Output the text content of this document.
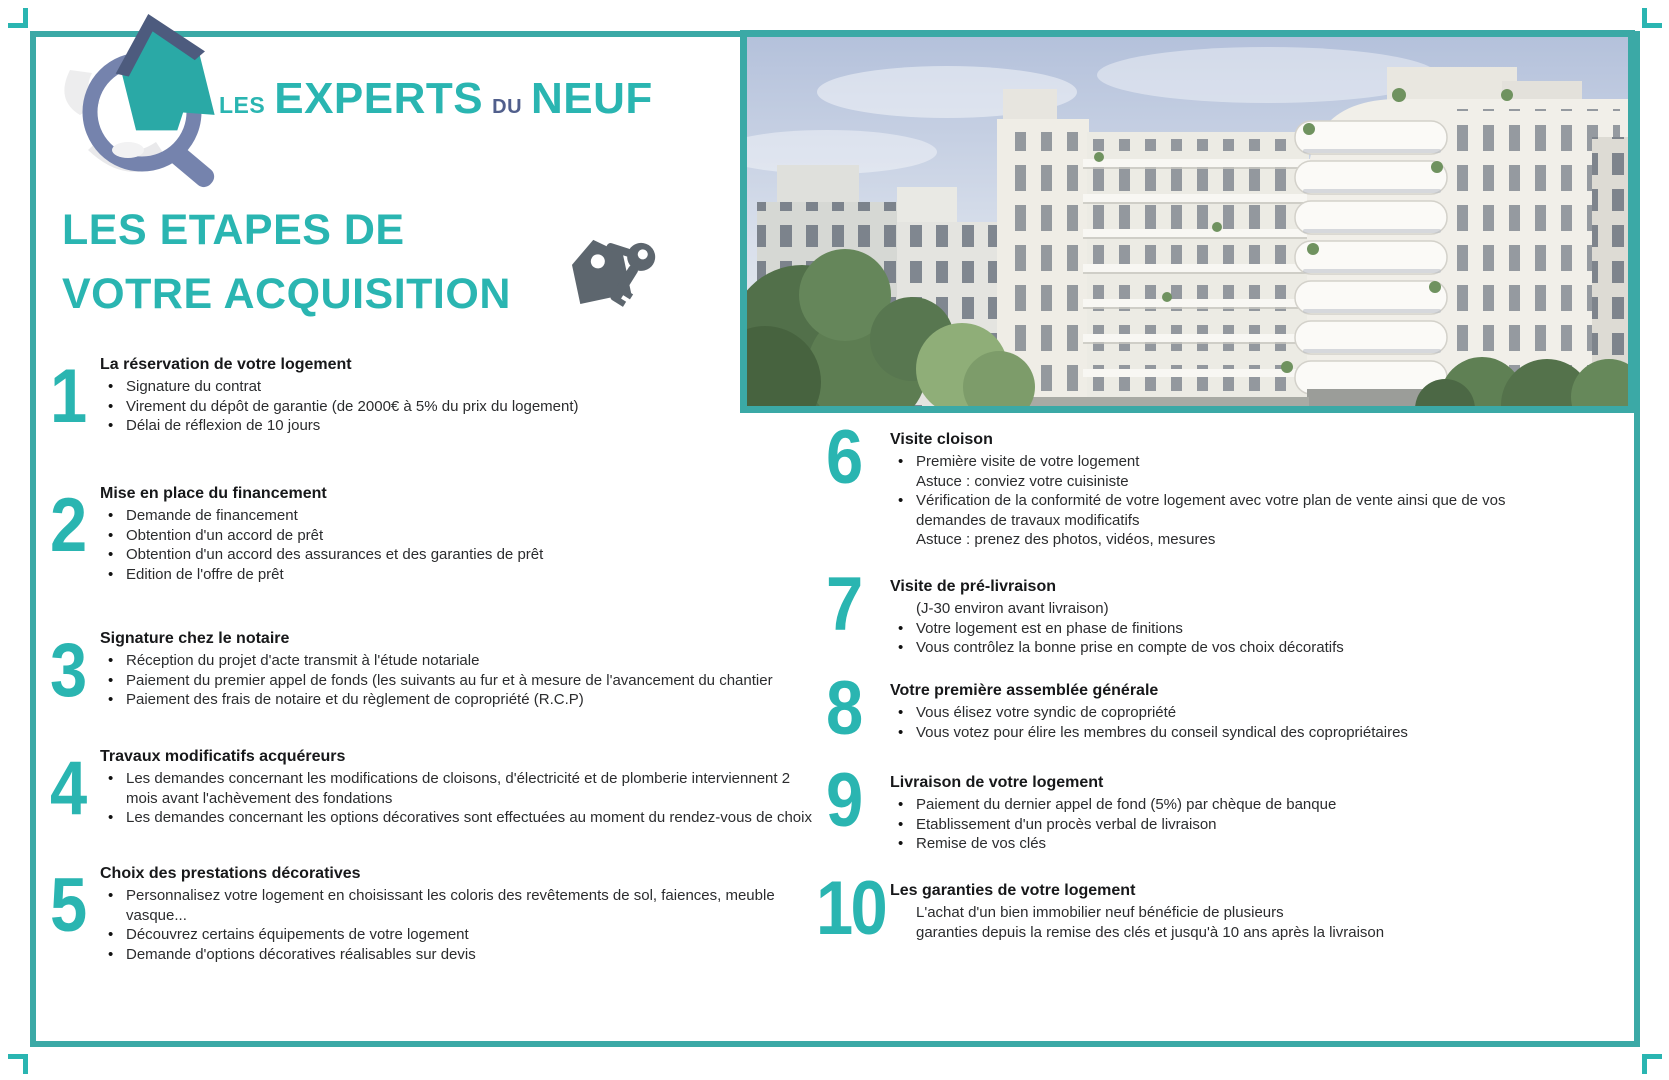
LES EXPERTS DU NEUF
LES ETAPES DE
VOTRE ACQUISITION
1 La réservation de votre logement
• Signature du contrat
• Virement du dépôt de garantie (de 2000€ à 5% du prix du logement)
• Délai de réflexion de 10 jours
2 Mise en place du financement
• Demande de financement
• Obtention d'un accord de prêt
• Obtention d'un accord des assurances et des garanties de prêt
• Edition de l'offre de prêt
3 Signature chez le notaire
• Réception du projet d'acte transmit à l'étude notariale
• Paiement du premier appel de fonds (les suivants au fur et à mesure de l'avancement du chantier
• Paiement des frais de notaire et du règlement de copropriété (R.C.P)
4 Travaux modificatifs acquéreurs
• Les demandes concernant les modifications de cloisons, d'électricité et de plomberie interviennent 2
mois avant l'achèvement des fondations
• Les demandes concernant les options décoratives sont effectuées au moment du rendez-vous de choix
5 Choix des prestations décoratives
• Personnalisez votre logement en choisissant les coloris des revêtements de sol, faiences, meuble
vasque...
• Découvrez certains équipements de votre logement
• Demande d'options décoratives réalisables sur devis
6 Visite cloison
• Première visite de votre logement
Astuce : conviez votre cuisiniste
• Vérification de la conformité de votre logement avec votre plan de vente ainsi que de vos
demandes de travaux modificatifs
Astuce : prenez des photos, vidéos, mesures
7 Visite de pré-livraison
(J-30 environ avant livraison)
• Votre logement est en phase de finitions
• Vous contrôlez la bonne prise en compte de vos choix décoratifs
8 Votre première assemblée générale
• Vous élisez votre syndic de copropriété
• Vous votez pour élire les membres du conseil syndical des copropriétaires
9 Livraison de votre logement
• Paiement du dernier appel de fond (5%) par chèque de banque
• Etablissement d'un procès verbal de livraison
• Remise de vos clés
10 Les garanties de votre logement
L'achat d'un bien immobilier neuf bénéficie de plusieurs
garanties depuis la remise des clés et jusqu'à 10 ans après la livraison
